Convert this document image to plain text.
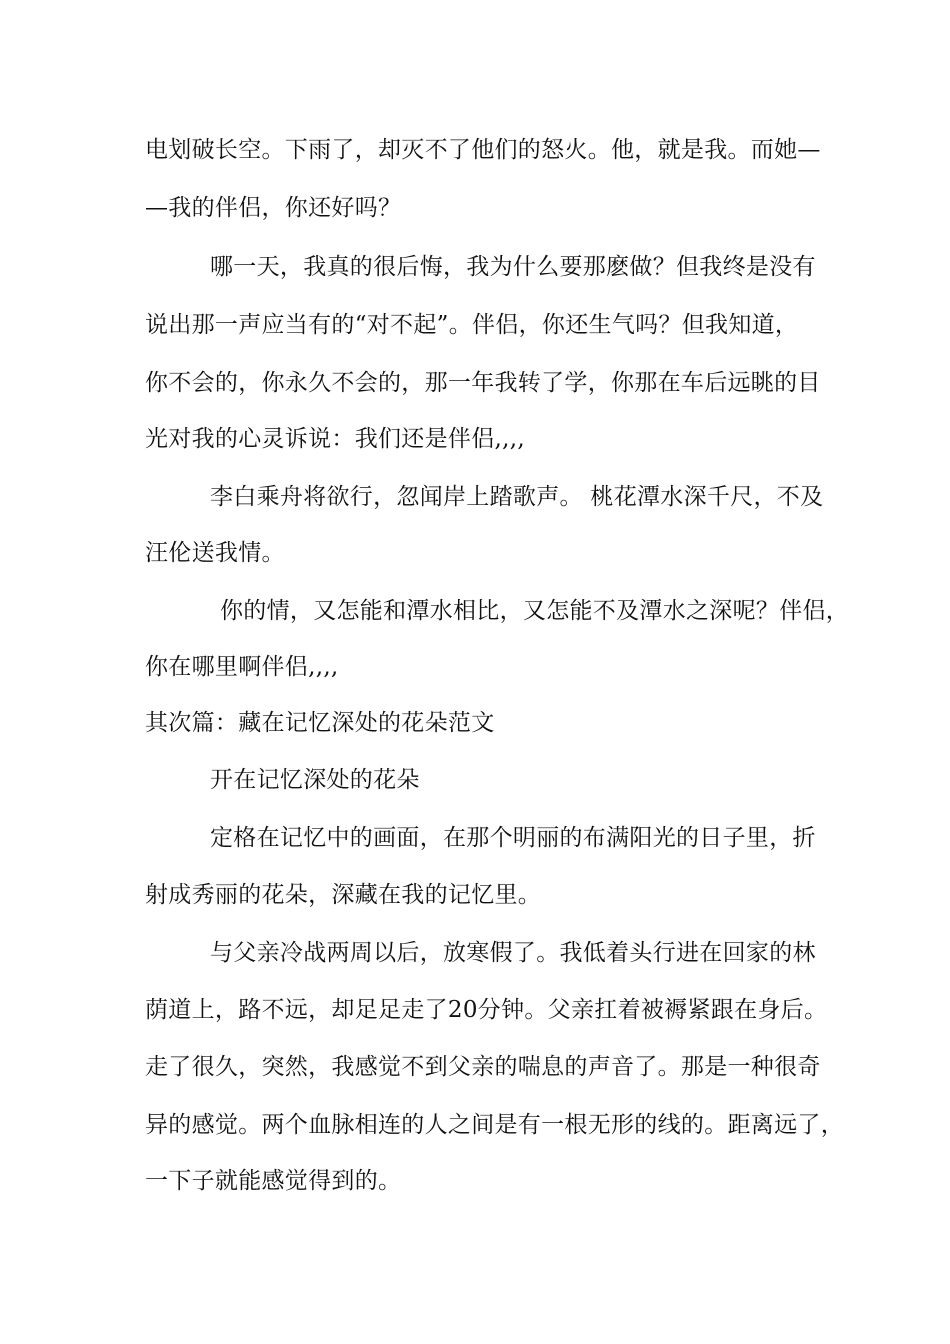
电划破长空。下雨了，却灭不了他们的怒火。他，就是我。而她—
—我的伴侣，你还好吗？
哪一天，我真的很后悔，我为什么要那麽做？但我终是没有
说出那一声应当有的“对不起”。伴侣，你还生气吗？但我知道，
你不会的，你永久不会的，那一年我转了学，你那在车后远眺的目
光对我的心灵诉说：我们还是伴侣,,,,
李白乘舟将欲行，忽闻岸上踏歌声。 桃花潭水深千尺，不及
汪伦送我情。
你的情，又怎能和潭水相比，又怎能不及潭水之深呢？伴侣，
你在哪里啊伴侣,,,,
其次篇：藏在记忆深处的花朵范文
开在记忆深处的花朵
定格在记忆中的画面，在那个明丽的布满阳光的日子里，折
射成秀丽的花朵，深藏在我的记忆里。
与父亲冷战两周以后，放寒假了。我低着头行进在回家的林
荫道上，路不远，却足足走了20分钟。父亲扛着被褥紧跟在身后。
走了很久，突然，我感觉不到父亲的喘息的声音了。那是一种很奇
异的感觉。两个血脉相连的人之间是有一根无形的线的。距离远了，
一下子就能感觉得到的。
